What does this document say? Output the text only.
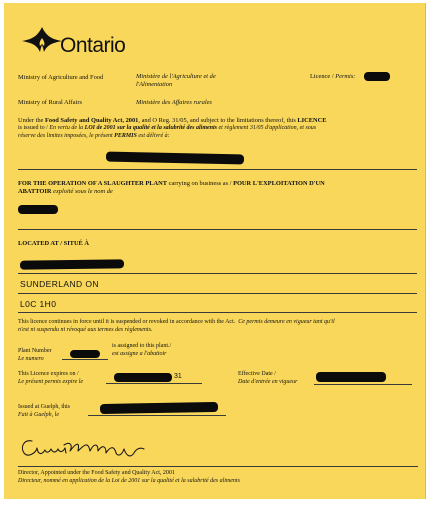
Ontario
Ministry of Agriculture and Food	Ministère de l'Agriculture et de
l'Alimentation
Licence / Permis:
Ministry of Rural Affairs	Ministère des Affaires rurales
Under the Food Safety and Quality Act, 2001, and O Reg. 31/05, and subject to the limitations thereof, this LICENCE
is issued to / En vertu de la LOI de 2001 sur la qualité et la salubrité des aliments et règlement 31/05 d'application, et sous
réserve des limites imposées, le présent PERMIS est délivré à:
FOR THE OPERATION OF A SLAUGHTER PLANT carrying on business as / POUR L'EXPLOITATION D'UN
ABATTOIR exploité sous le nom de
LOCATED AT / SITUÉ À
SUNDERLAND ON
L0C 1H0
This licence continues in force until it is suspended or revoked in accordance with the Act. Ce permis demeure en vigueur tant qu'il
n'est ni suspendu ni révoqué aux termes des règlements.
Plant Number
Le numero
is assigned to this plant./
est assigne a l'abattoir
This Licence expires on /
Le présent permis expire le
31	Effective Date /
Date d'entrée en vigueur
Issued at Guelph, this
Fait à Guelph, le
Director, Appointed under the Food Safety and Quality Act, 2001
Directeur, nommé en application de la Loi de 2001 sur la qualité et la salubrité des aliments
